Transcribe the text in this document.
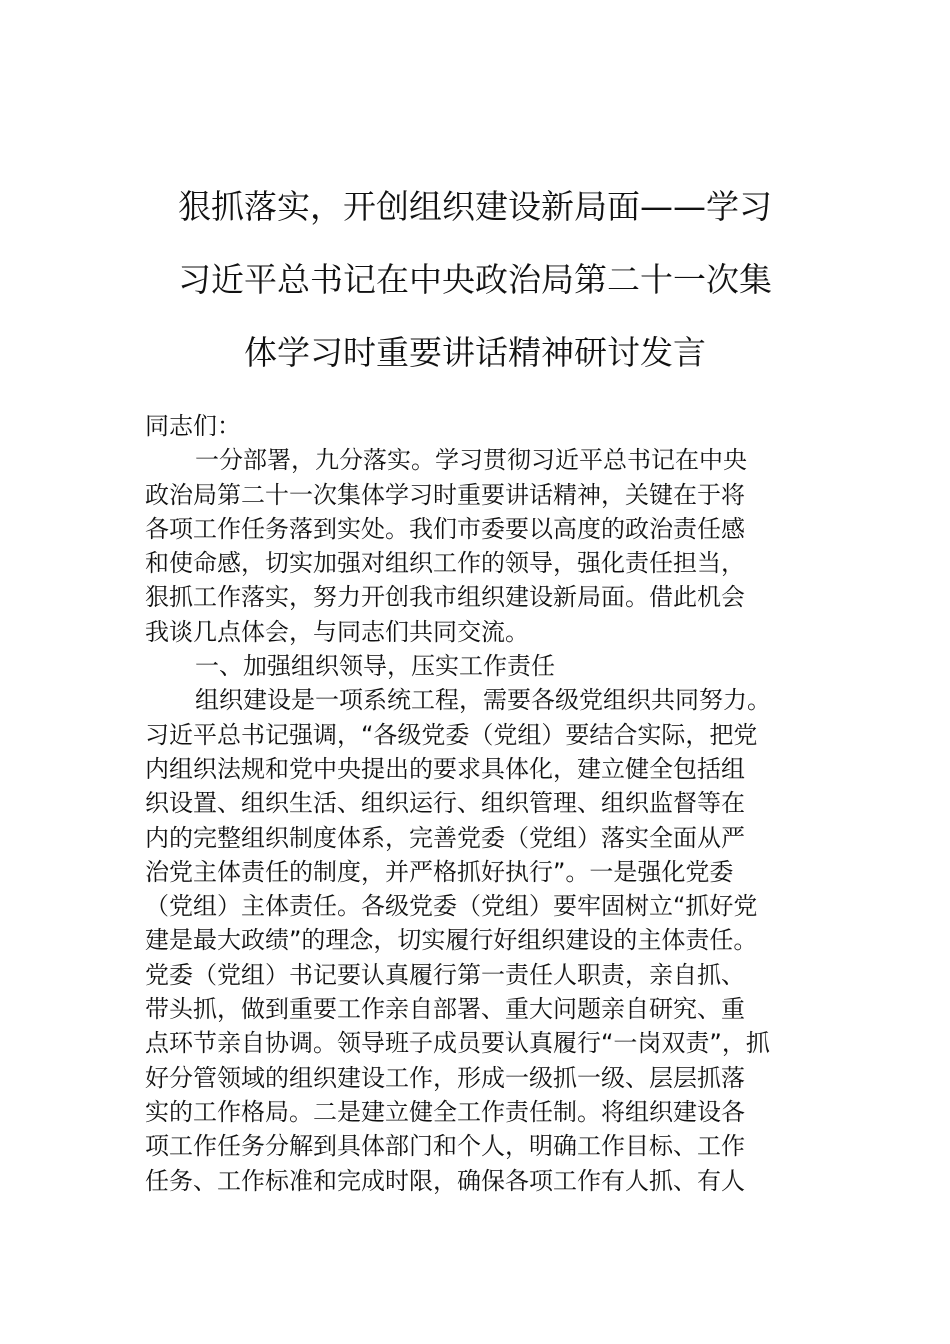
狠抓落实，开创组织建设新局面——学习
习近平总书记在中央政治局第二十一次集
体学习时重要讲话精神研讨发言
同志们：
一分部署，九分落实。学习贯彻习近平总书记在中央
政治局第二十一次集体学习时重要讲话精神，关键在于将
各项工作任务落到实处。我们市委要以高度的政治责任感
和使命感，切实加强对组织工作的领导，强化责任担当，
狠抓工作落实，努力开创我市组织建设新局面。借此机会
我谈几点体会，与同志们共同交流。
一、加强组织领导，压实工作责任
组织建设是一项系统工程，需要各级党组织共同努力。
习近平总书记强调，“各级党委（党组）要结合实际，把党
内组织法规和党中央提出的要求具体化，建立健全包括组
织设置、组织生活、组织运行、组织管理、组织监督等在
内的完整组织制度体系，完善党委（党组）落实全面从严
治党主体责任的制度，并严格抓好执行”。一是强化党委
（党组）主体责任。各级党委（党组）要牢固树立“抓好党
建是最大政绩”的理念，切实履行好组织建设的主体责任。
党委（党组）书记要认真履行第一责任人职责，亲自抓、
带头抓，做到重要工作亲自部署、重大问题亲自研究、重
点环节亲自协调。领导班子成员要认真履行“一岗双责”，抓
好分管领域的组织建设工作，形成一级抓一级、层层抓落
实的工作格局。二是建立健全工作责任制。将组织建设各
项工作任务分解到具体部门和个人，明确工作目标、工作
任务、工作标准和完成时限，确保各项工作有人抓、有人
